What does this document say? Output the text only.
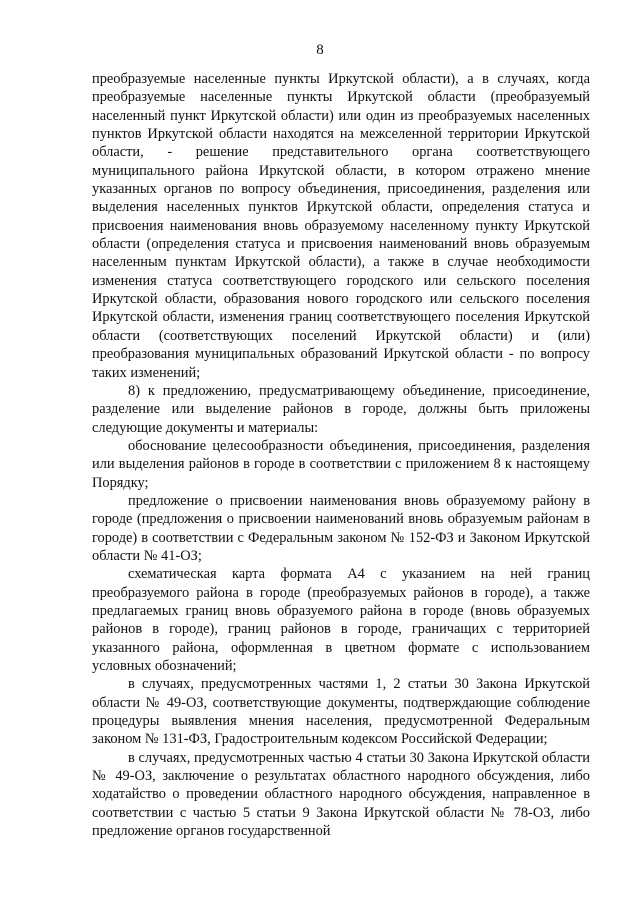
8

преобразуемые населенные пункты Иркутской области), а в случаях, когда преобразуемые населенные пункты Иркутской области (преобразуемый населенный пункт Иркутской области) или один из преобразуемых населенных пунктов Иркутской области находятся на межселенной территории Иркутской области, - решение представительного органа соответствующего муниципального района Иркутской области, в котором отражено мнение указанных органов по вопросу объединения, присоединения, разделения или выделения населенных пунктов Иркутской области, определения статуса и присвоения наименования вновь образуемому населенному пункту Иркутской области (определения статуса и присвоения наименований вновь образуемым населенным пунктам Иркутской области), а также в случае необходимости изменения статуса соответствующего городского или сельского поселения Иркутской области, образования нового городского или сельского поселения Иркутской области, изменения границ соответствующего поселения Иркутской области (соответствующих поселений Иркутской области) и (или) преобразования муниципальных образований Иркутской области - по вопросу таких изменений;

8) к предложению, предусматривающему объединение, присоединение, разделение или выделение районов в городе, должны быть приложены следующие документы и материалы:

обоснование целесообразности объединения, присоединения, разделения или выделения районов в городе в соответствии с приложением 8 к настоящему Порядку;

предложение о присвоении наименования вновь образуемому району в городе (предложения о присвоении наименований вновь образуемым районам в городе) в соответствии с Федеральным законом № 152-ФЗ и Законом Иркутской области № 41-ОЗ;

схематическая карта формата А4 с указанием на ней границ преобразуемого района в городе (преобразуемых районов в городе), а также предлагаемых границ вновь образуемого района в городе (вновь образуемых районов в городе), границ районов в городе, граничащих с территорией указанного района, оформленная в цветном формате с использованием условных обозначений;

в случаях, предусмотренных частями 1, 2 статьи 30 Закона Иркутской области № 49-ОЗ, соответствующие документы, подтверждающие соблюдение процедуры выявления мнения населения, предусмотренной Федеральным законом № 131-ФЗ, Градостроительным кодексом Российской Федерации;

в случаях, предусмотренных частью 4 статьи 30 Закона Иркутской области № 49-ОЗ, заключение о результатах областного народного обсуждения, либо ходатайство о проведении областного народного обсуждения, направленное в соответствии с частью 5 статьи 9 Закона Иркутской области № 78-ОЗ, либо предложение органов государственной
